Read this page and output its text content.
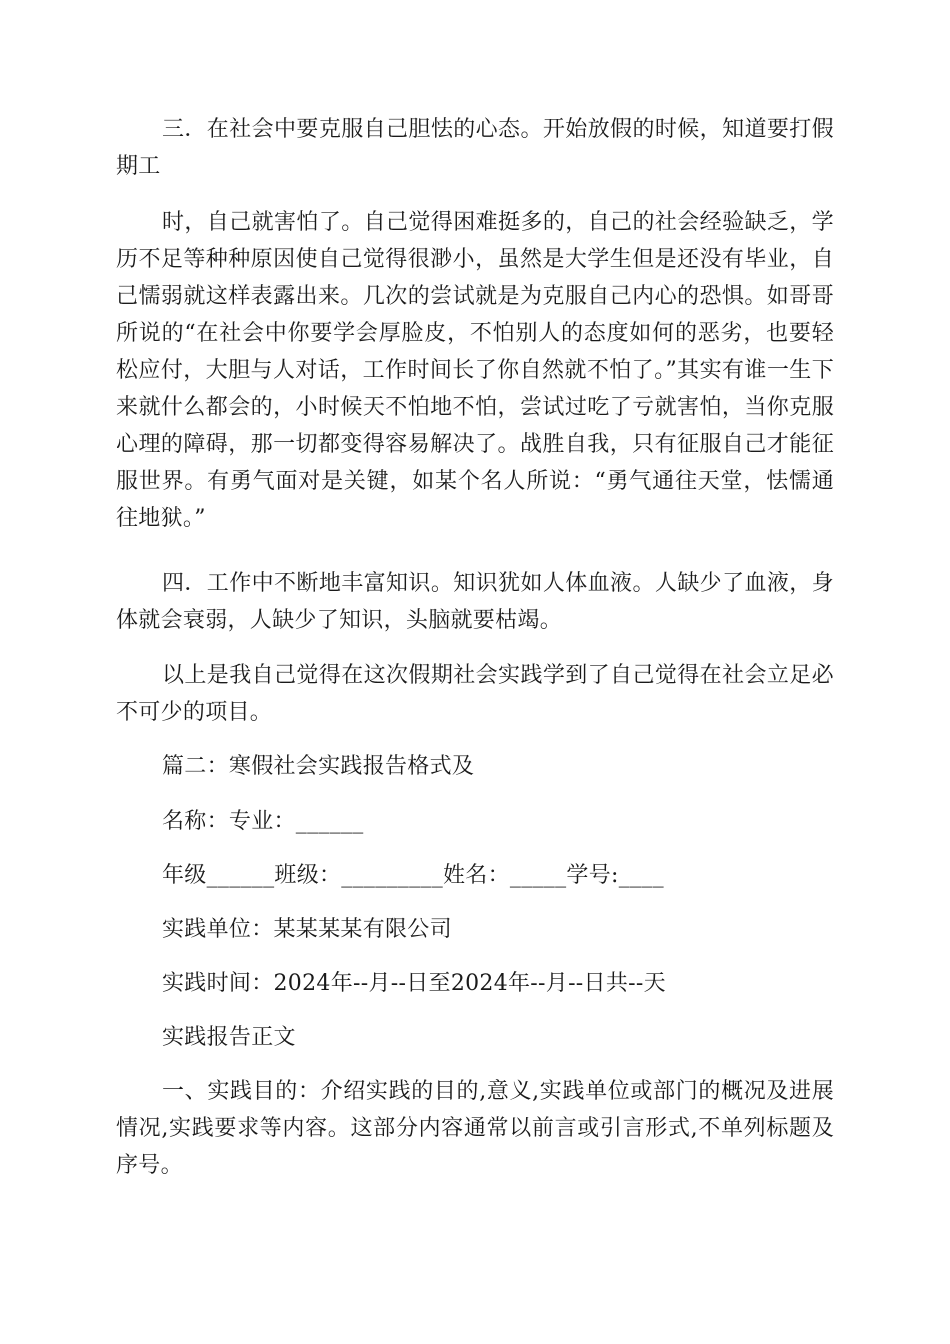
三．在社会中要克服自己胆怯的心态。开始放假的时候，知道要打假期工

时，自己就害怕了。自己觉得困难挺多的，自己的社会经验缺乏，学历不足等种种原因使自己觉得很渺小，虽然是大学生但是还没有毕业，自己懦弱就这样表露出来。几次的尝试就是为克服自己内心的恐惧。如哥哥所说的“在社会中你要学会厚脸皮，不怕别人的态度如何的恶劣，也要轻松应付，大胆与人对话，工作时间长了你自然就不怕了。”其实有谁一生下来就什么都会的，小时候天不怕地不怕，尝试过吃了亏就害怕，当你克服心理的障碍，那一切都变得容易解决了。战胜自我，只有征服自己才能征服世界。有勇气面对是关键，如某个名人所说：“勇气通往天堂，怯懦通往地狱。”

四．工作中不断地丰富知识。知识犹如人体血液。人缺少了血液，身体就会衰弱，人缺少了知识，头脑就要枯竭。

以上是我自己觉得在这次假期社会实践学到了自己觉得在社会立足必不可少的项目。

篇二：寒假社会实践报告格式及

名称：专业：______

年级______班级：_________姓名：_____学号:____

实践单位：某某某某有限公司

实践时间：2024年--月--日至2024年--月--日共--天

实践报告正文

一、实践目的：介绍实践的目的,意义,实践单位或部门的概况及进展情况,实践要求等内容。这部分内容通常以前言或引言形式,不单列标题及序号。
